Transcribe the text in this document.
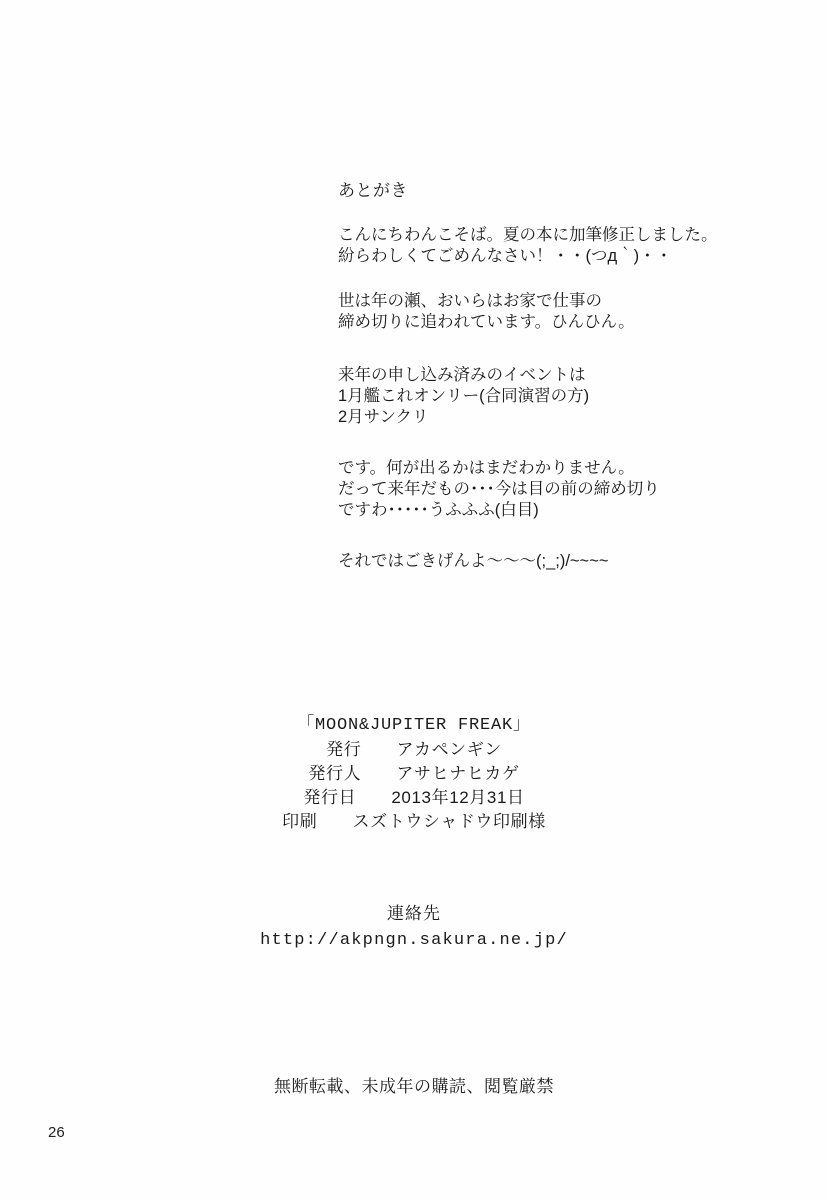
あとがき
こんにちわんこそば。夏の本に加筆修正しました。
紛らわしくてごめんなさい！・・(つд｀)・・
世は年の瀬、おいらはお家で仕事の
締め切りに追われています。ひんひん。
来年の申し込み済みのイベントは
1月艦これオンリー(合同演習の方)
2月サンクリ
です。何が出るかはまだわかりません。
だって来年だもの･･･今は目の前の締め切り
ですわ･････うふふふ(白目)
それではごきげんよ～～～(;_;)/~~~~
「MOON&JUPITER FREAK」
発行　　アカペンギン
発行人　　アサヒナヒカゲ
発行日　　2013年12月31日
印刷　　スズトウシャドウ印刷様
連絡先
http://akpngn.sakura.ne.jp/
無断転載、未成年の購読、閲覧厳禁
26
